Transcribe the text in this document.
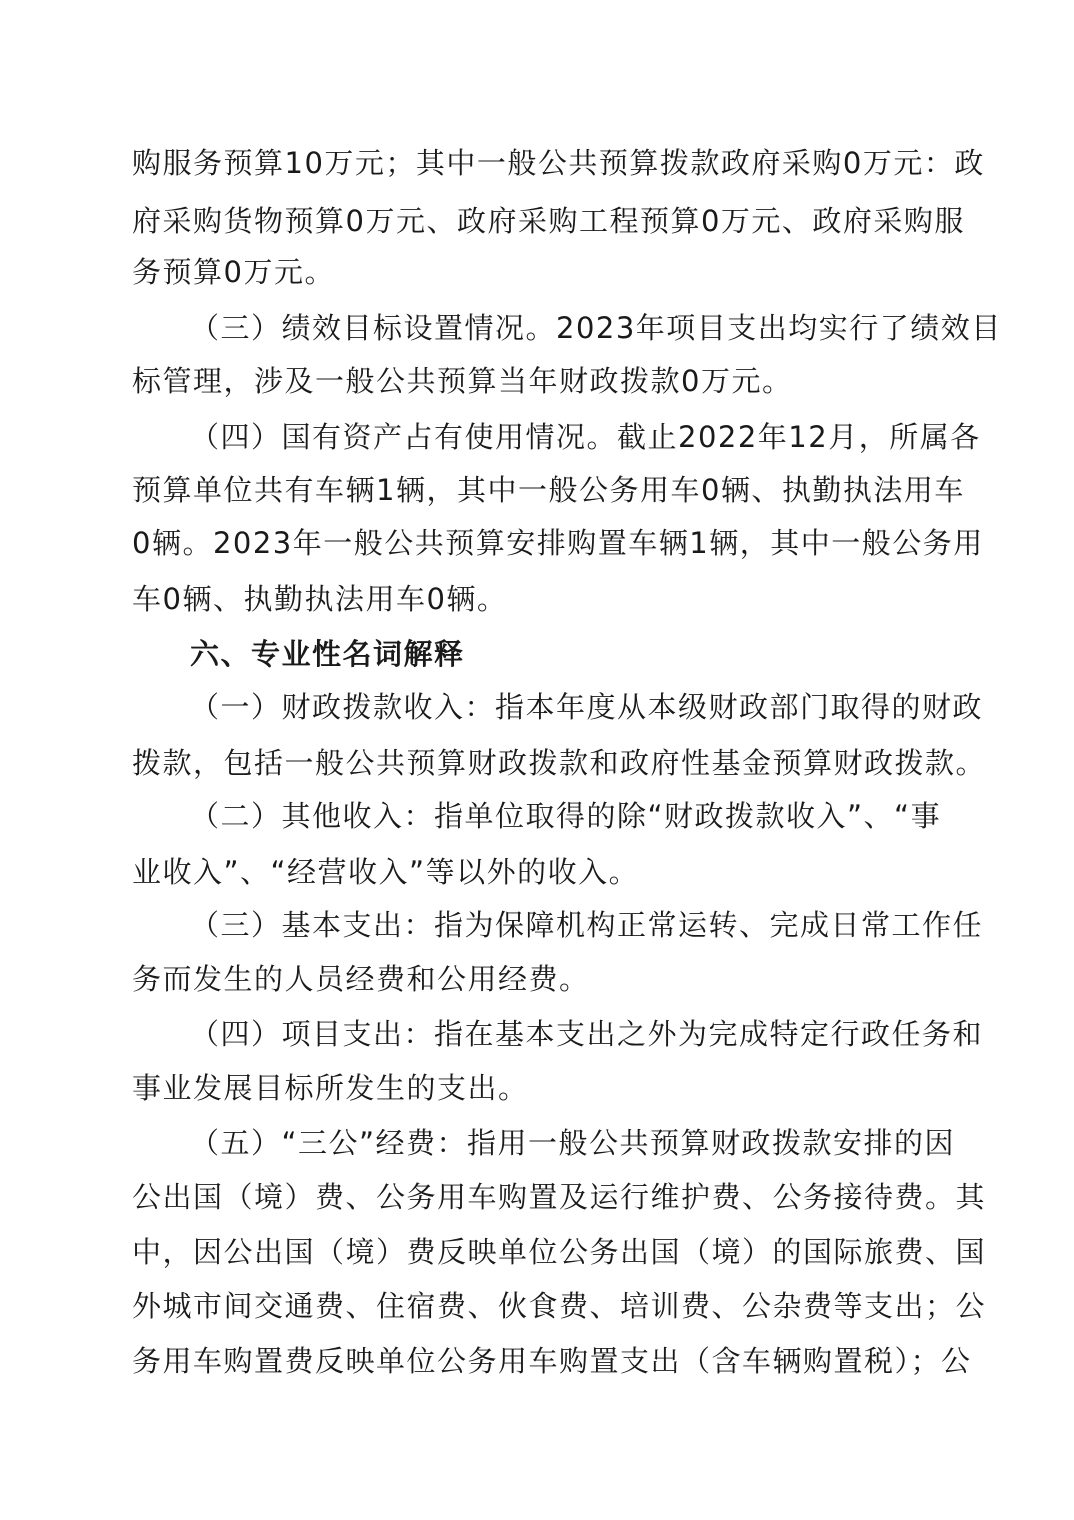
购服务预算10万元；其中一般公共预算拨款政府采购0万元：政
府采购货物预算0万元、政府采购工程预算0万元、政府采购服
务预算0万元。
（三）绩效目标设置情况。2023年项目支出均实行了绩效目
标管理，涉及一般公共预算当年财政拨款0万元。
（四）国有资产占有使用情况。截止2022年12月，所属各
预算单位共有车辆1辆，其中一般公务用车0辆、执勤执法用车
0辆。2023年一般公共预算安排购置车辆1辆，其中一般公务用
车0辆、执勤执法用车0辆。
六、专业性名词解释
（一）财政拨款收入：指本年度从本级财政部门取得的财政
拨款，包括一般公共预算财政拨款和政府性基金预算财政拨款。
（二）其他收入：指单位取得的除“财政拨款收入”、“事
业收入”、“经营收入”等以外的收入。
（三）基本支出：指为保障机构正常运转、完成日常工作任
务而发生的人员经费和公用经费。
（四）项目支出：指在基本支出之外为完成特定行政任务和
事业发展目标所发生的支出。
（五）“三公”经费：指用一般公共预算财政拨款安排的因
公出国（境）费、公务用车购置及运行维护费、公务接待费。其
中，因公出国（境）费反映单位公务出国（境）的国际旅费、国
外城市间交通费、住宿费、伙食费、培训费、公杂费等支出；公
务用车购置费反映单位公务用车购置支出（含车辆购置税）；公
